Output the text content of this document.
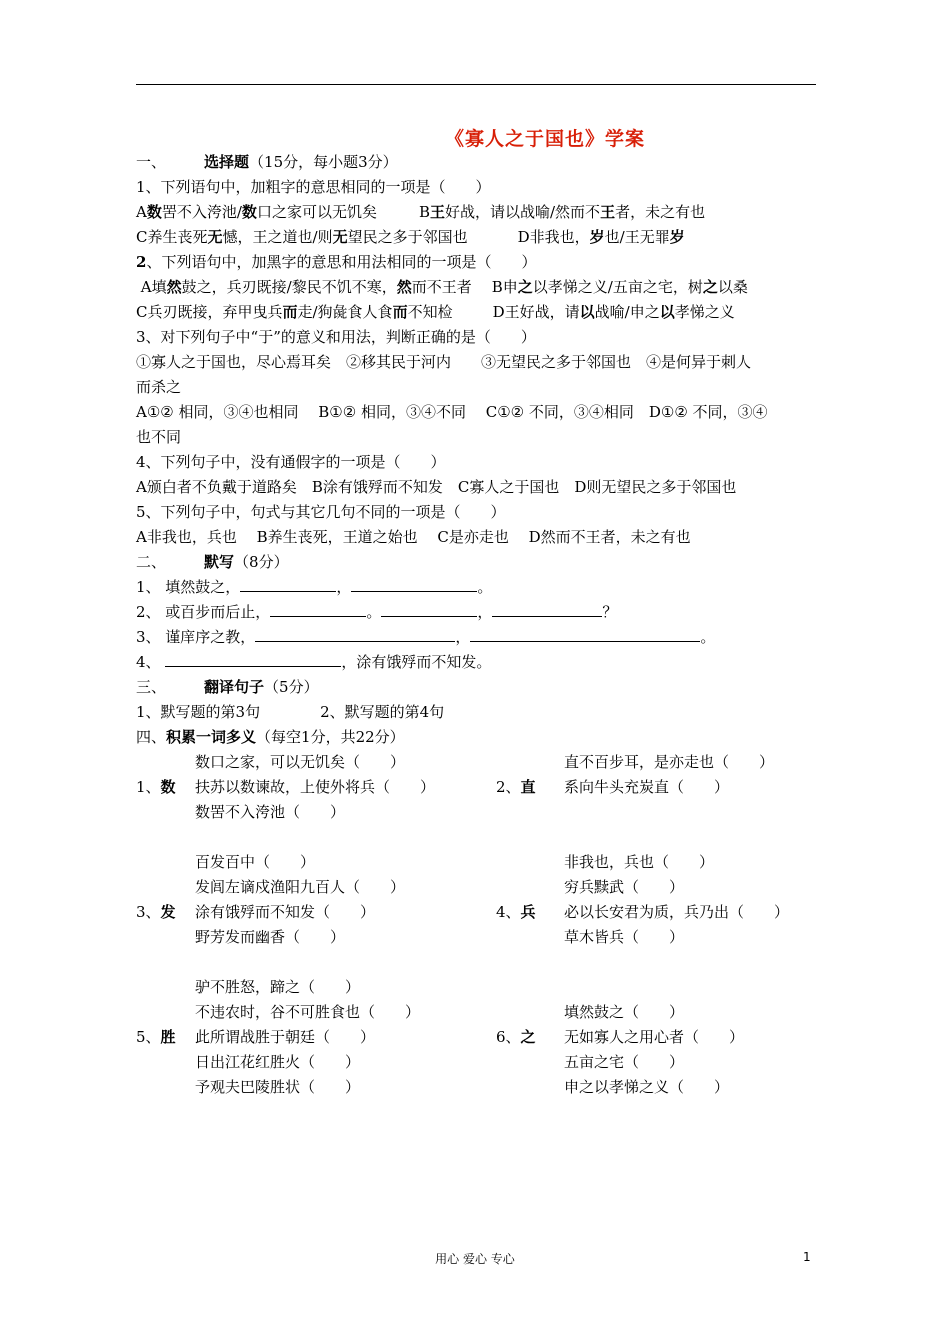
《寡人之于国也》学案
一、	选择题（15分，每小题3分）
1、下列语句中，加粗字的意思相同的一项是（　　）
A数罟不入洿池/数口之家可以无饥矣	B王好战，请以战喻/然而不王者，未之有也
C养生丧死无憾，王之道也/则无望民之多于邻国也	D非我也，岁也/王无罪岁
2、下列语句中，加黑字的意思和用法相同的一项是（　　）
A填然鼓之，兵刃既接/黎民不饥不寒，然而不王者 B申之以孝悌之义/五亩之宅，树之以桑
C兵刃既接，弃甲曳兵而走/狗彘食人食而不知检	D王好战，请以战喻/申之以孝悌之义
3、对下列句子中“于”的意义和用法，判断正确的是（　　）
①寡人之于国也，尽心焉耳矣　②移其民于河内　　③无望民之多于邻国也　④是何异于刺人
而杀之
A①② 相同，③④也相同　 B①② 相同，③④不同　 C①② 不同，③④相同　D①② 不同，③④
也不同
4、下列句子中，没有通假字的一项是（　　）
A颁白者不负戴于道路矣　B涂有饿殍而不知发　C寡人之于国也　D则无望民之多于邻国也
5、下列句子中，句式与其它几句不同的一项是（　　）
A非我也，兵也　 B养生丧死，王道之始也　 C是亦走也　 D然而不王者，未之有也
二、	默写（8分）
1、 填然鼓之，	，	。
2、 或百步而后止，	。	，	？
3、 谨庠序之教，	，	。
4、	，涂有饿殍而不知发。
三、	翻译句子（5分）
1、默写题的第3句　　　　2、默写题的第4句
四、积累一词多义（每空1分，共22分）
数口之家，可以无饥矣（　　）	直不百步耳，是亦走也（　　）
1、数 扶苏以数谏故，上使外将兵（　　）	2、直 系向牛头充炭直（　　）
数罟不入洿池（　　）
百发百中（　　）	非我也，兵也（　　）
发闾左谪戍渔阳九百人（　　）	穷兵黩武（　　）
3、发 涂有饿殍而不知发（　　）	4、兵 必以长安君为质，兵乃出（　　）
野芳发而幽香（　　）	草木皆兵（　　）
驴不胜怒，蹄之（　　）
不违农时，谷不可胜食也（　　）	填然鼓之（　　）
5、胜 此所谓战胜于朝廷（　　）	6、之 无如寡人之用心者（　　）
日出江花红胜火（　　）	五亩之宅（　　）
予观夫巴陵胜状（　　）	申之以孝悌之义（　　）
用心 爱心 专心	1
